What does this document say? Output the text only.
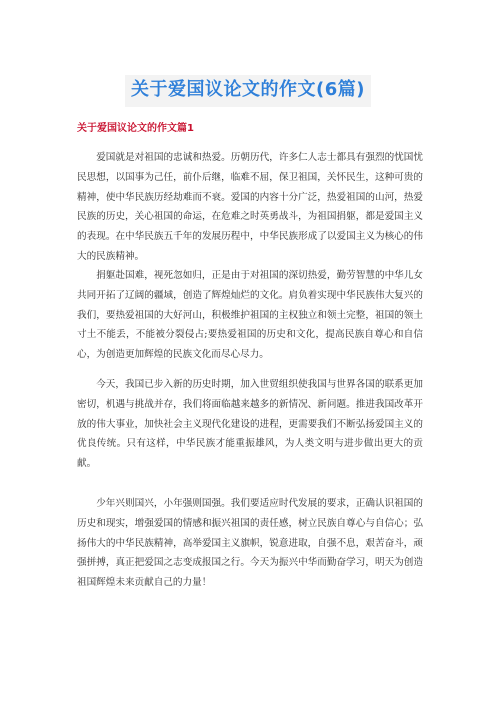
关于爱国议论文的作文(6篇)
关于爱国议论文的作文篇1

爱国就是对祖国的忠诚和热爱。历朝历代，许多仁人志士都具有强烈的忧国忧民思想，以国事为己任，前仆后继，临难不屈，保卫祖国，关怀民生，这种可贵的精神，使中华民族历经劫难而不衰。爱国的内容十分广泛，热爱祖国的山河，热爱民族的历史，关心祖国的命运，在危难之时英勇战斗，为祖国捐躯，都是爱国主义的表现。在中华民族五千年的发展历程中，中华民族形成了以爱国主义为核心的伟大的民族精神。

捐躯赴国难，视死忽如归，正是由于对祖国的深切热爱，勤劳智慧的中华儿女共同开拓了辽阔的疆域，创造了辉煌灿烂的文化。肩负着实现中华民族伟大复兴的我们，要热爱祖国的大好河山，积极维护祖国的主权独立和领土完整，祖国的领土寸土不能丢，不能被分裂侵占;要热爱祖国的历史和文化，提高民族自尊心和自信心，为创造更加辉煌的民族文化而尽心尽力。

今天，我国已步入新的历史时期，加入世贸组织使我国与世界各国的联系更加密切，机遇与挑战并存，我们将面临越来越多的新情况、新问题。推进我国改革开放的伟大事业，加快社会主义现代化建设的进程，更需要我们不断弘扬爱国主义的优良传统。只有这样，中华民族才能重振雄风，为人类文明与进步做出更大的贡献。

少年兴则国兴，小年强则国强。我们要适应时代发展的要求，正确认识祖国的历史和现实，增强爱国的情感和振兴祖国的责任感，树立民族自尊心与自信心；弘扬伟大的中华民族精神，高举爱国主义旗帜，锐意进取，自强不息，艰苦奋斗，顽强拼搏，真正把爱国之志变成报国之行。今天为振兴中华而勤奋学习，明天为创造祖国辉煌未来贡献自己的力量！
